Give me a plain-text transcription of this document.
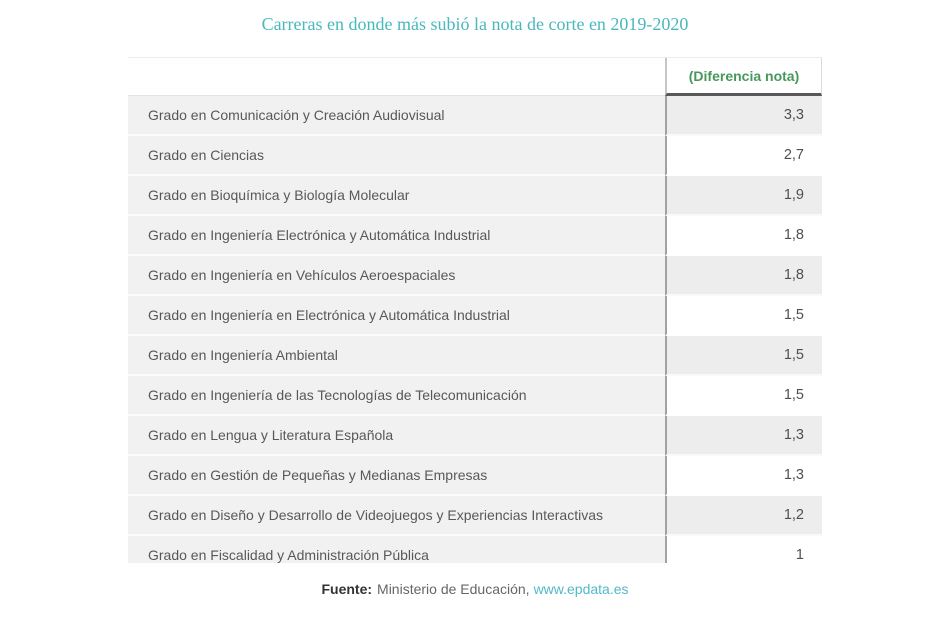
Carreras en donde más subió la nota de corte en 2019-2020
(Diferencia nota)
Grado en Comunicación y Creación Audiovisual	3,3
Grado en Ciencias	2,7
Grado en Bioquímica y Biología Molecular	1,9
Grado en Ingeniería Electrónica y Automática Industrial	1,8
Grado en Ingeniería en Vehículos Aeroespaciales	1,8
Grado en Ingeniería en Electrónica y Automática Industrial	1,5
Grado en Ingeniería Ambiental	1,5
Grado en Ingeniería de las Tecnologías de Telecomunicación	1,5
Grado en Lengua y Literatura Española	1,3
Grado en Gestión de Pequeñas y Medianas Empresas	1,3
Grado en Diseño y Desarrollo de Videojuegos y Experiencias Interactivas	1,2
Grado en Fiscalidad y Administración Pública	1
Fuente: Ministerio de Educación, www.epdata.es
